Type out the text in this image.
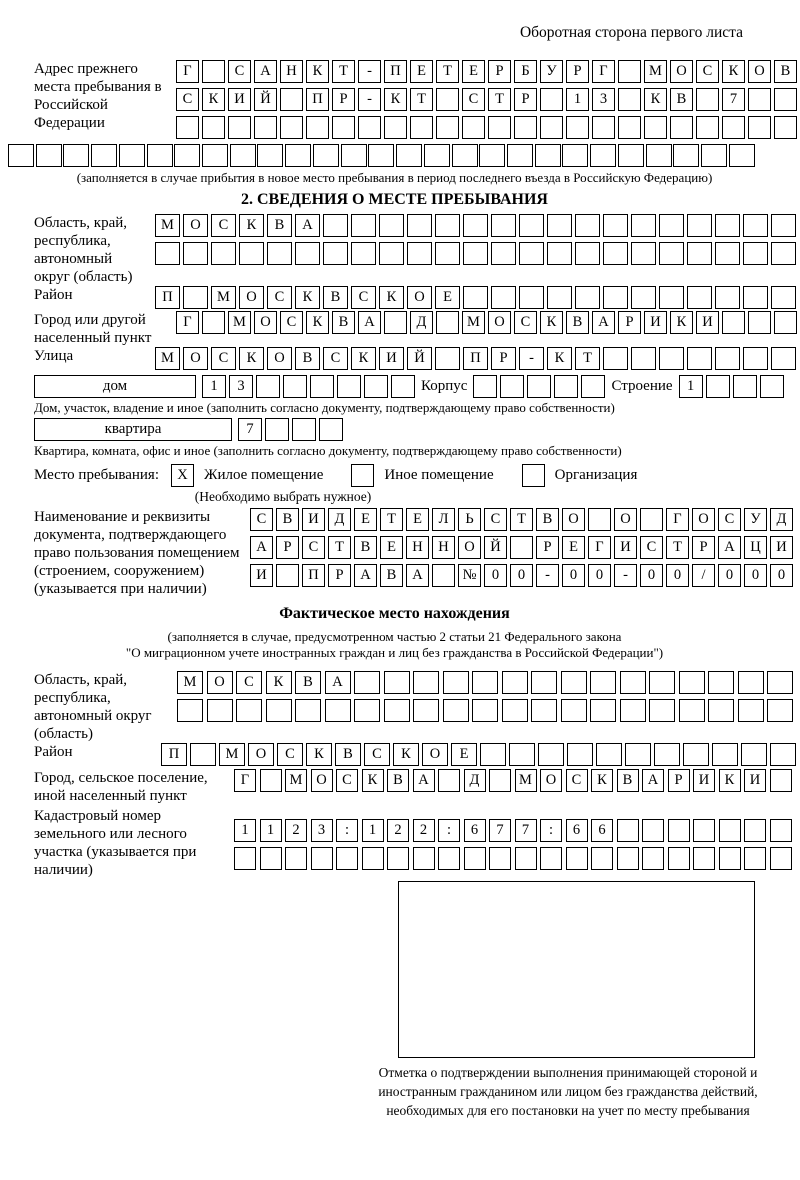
Оборотная сторона первого листа
Адрес прежнего места пребывания в Российской Федерации
Г	С	А	Н	К	Т	-	П	Е	Т	Е	Р	Б	У	Р	Г	М О	С	К	О	В
С	К	И	Й	П	Р	-	К	Т	С	Т	Р	1	3	К	В	7
(заполняется в случае прибытия в новое место пребывания в период последнего въезда в Российскую Федерацию)
2. СВЕДЕНИЯ О МЕСТЕ ПРЕБЫВАНИЯ
Область, край, республика, автономный округ (область)
М	О	С	К	В	А
Район	П	М	О	С	К	В	С	К	О	Е
Город или другой населенный пункт
Г	М О	С	К	В	А	Д	М О	С	К	В	А	Р	И	К	И
Улица	М	О	С	К	О	В	С	К	И	Й	П	Р	-	К	Т
дом	1	3	Корпус	Строение 1
Дом, участок, владение и иное (заполнить согласно документу, подтверждающему право собственности)
квартира	7
Квартира, комната, офис и иное (заполнить согласно документу, подтверждающему право собственности)
Место пребывания:	X	Жилое помещение	Иное помещение	Организация
(Необходимо выбрать нужное)
Наименование и реквизиты документа, подтверждающего право пользования помещением (строением, сооружением) (указывается при наличии)
С	В	И	Д	Е	Т	Е	Л	Ь	С	Т	В	О	О	Г	О	С	У	Д
А	Р	С	Т	В	Е	Н	Н	О	Й	Р	Е	Г	И	С	Т	Р	А	Ц	И
И	П	Р	А	В	А	№	0	0	-	0	0	-	0	0	/	0	0	0
Фактическое место нахождения
(заполняется в случае, предусмотренном частью 2 статьи 21 Федерального закона
"О миграционном учете иностранных граждан и лиц без гражданства в Российской Федерации")
Область, край, республика, автономный округ (область)
М	О	С	К	В	А
Район	П	М	О	С	К	В	С	К	О	Е
Город, сельское поселение, иной населенный пункт
Г	М О	С	К	В	А	Д	М О	С	К	В	А	Р	И	К	И
Кадастровый номер земельного или лесного участка (указывается при наличии)
1	1	2	3	:	1	2	2	:	6	7	7	:	6	6
Отметка о подтверждении выполнения принимающей стороной и иностранным гражданином или лицом без гражданства действий, необходимых для его постановки на учет по месту пребывания
